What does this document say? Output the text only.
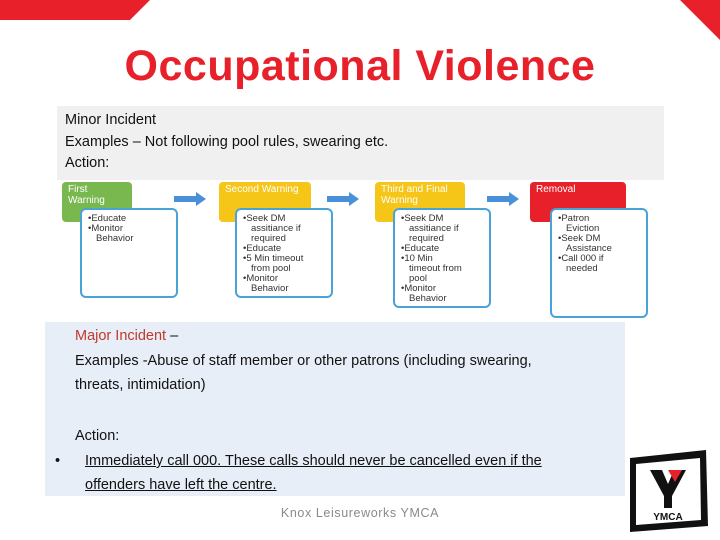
Occupational Violence
Minor Incident
Examples – Not following pool rules, swearing etc.
Action:
First Warning
•Educate
•Monitor
Behavior
Second Warning
•Seek DM
assitiance if
required
•Educate
•5 Min timeout
from pool
•Monitor
Behavior
Third and Final Warning
•Seek DM
assitiance if
required
•Educate
•10 Min
timeout from
pool
•Monitor
Behavior
Removal
•Patron
Eviction
•Seek DM
Assistance
•Call 000 if
needed
Major Incident –
Examples -Abuse of staff member or other patrons (including swearing,
threats, intimidation)
Action:
• Immediately call 000. These calls should never be cancelled even if the
offenders have left the centre.
Knox Leisureworks YMCA	YMCA
